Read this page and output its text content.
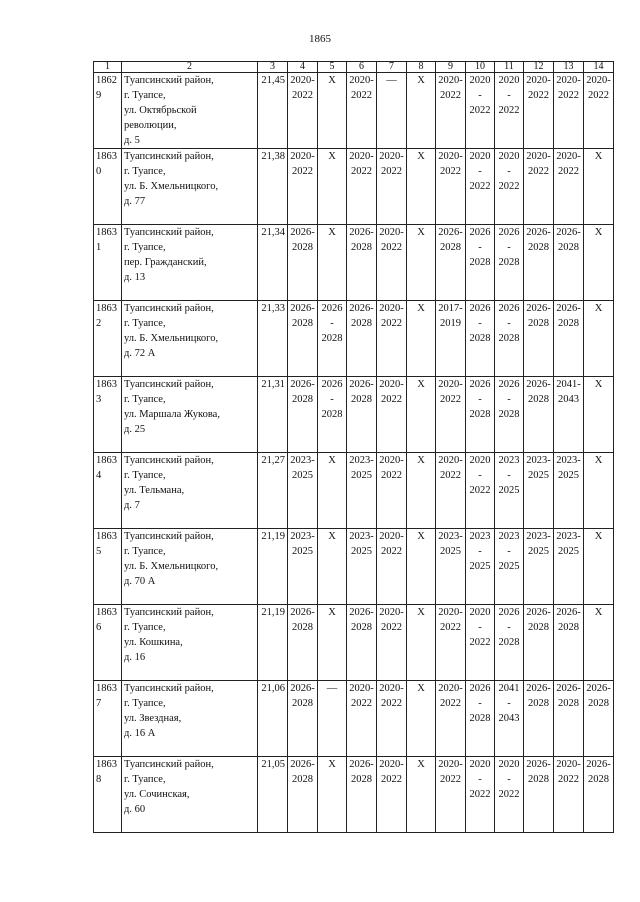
1865
1	2	3	4	5	6	7	8	9	10	11	12	13	14
18629	Туапсинский район,
г. Туапсе,
ул. Октябрьской
революции,
д. 5	21,45	2020-
2022	Х	2020-
2022	—	Х	2020-
2022	2020-
2022	2020-
2022	2020-
2022	2020-
2022	2020-
2022
18630	Туапсинский район,
г. Туапсе,
ул. Б. Хмельницкого,
д. 77	21,38	2020-
2022	Х	2020-
2022	2020-
2022	Х	2020-
2022	2020-
2022	2020-
2022	2020-
2022	2020-
2022	Х
18631	Туапсинский район,
г. Туапсе,
пер. Гражданский,
д. 13	21,34	2026-
2028	Х	2026-
2028	2020-
2022	Х	2026-
2028	2026-
2028	2026-
2028	2026-
2028	2026-
2028	Х
18632	Туапсинский район,
г. Туапсе,
ул. Б. Хмельницкого,
д. 72 А	21,33	2026-
2028	2026-
2028	2026-
2028	2020-
2022	Х	2017-
2019	2026-
2028	2026-
2028	2026-
2028	2026-
2028	Х
18633	Туапсинский район,
г. Туапсе,
ул. Маршала Жукова,
д. 25	21,31	2026-
2028	2026-
2028	2026-
2028	2020-
2022	Х	2020-
2022	2026-
2028	2026-
2028	2026-
2028	2041-
2043	Х
18634	Туапсинский район,
г. Туапсе,
ул. Тельмана,
д. 7	21,27	2023-
2025	Х	2023-
2025	2020-
2022	Х	2020-
2022	2020-
2022	2023-
2025	2023-
2025	2023-
2025	Х
18635	Туапсинский район,
г. Туапсе,
ул. Б. Хмельницкого,
д. 70 А	21,19	2023-
2025	Х	2023-
2025	2020-
2022	Х	2023-
2025	2023-
2025	2023-
2025	2023-
2025	2023-
2025	Х
18636	Туапсинский район,
г. Туапсе,
ул. Кошкина,
д. 16	21,19	2026-
2028	Х	2026-
2028	2020-
2022	Х	2020-
2022	2020-
2022	2026-
2028	2026-
2028	2026-
2028	Х
18637	Туапсинский район,
г. Туапсе,
ул. Звездная,
д. 16 А	21,06	2026-
2028	—	2020-
2022	2020-
2022	Х	2020-
2022	2026-
2028	2041-
2043	2026-
2028	2026-
2028	2026-
2028
18638	Туапсинский район,
г. Туапсе,
ул. Сочинская,
д. 60	21,05	2026-
2028	Х	2026-
2028	2020-
2022	Х	2020-
2022	2020-
2022	2020-
2022	2026-
2028	2020-
2022	2026-
2028
